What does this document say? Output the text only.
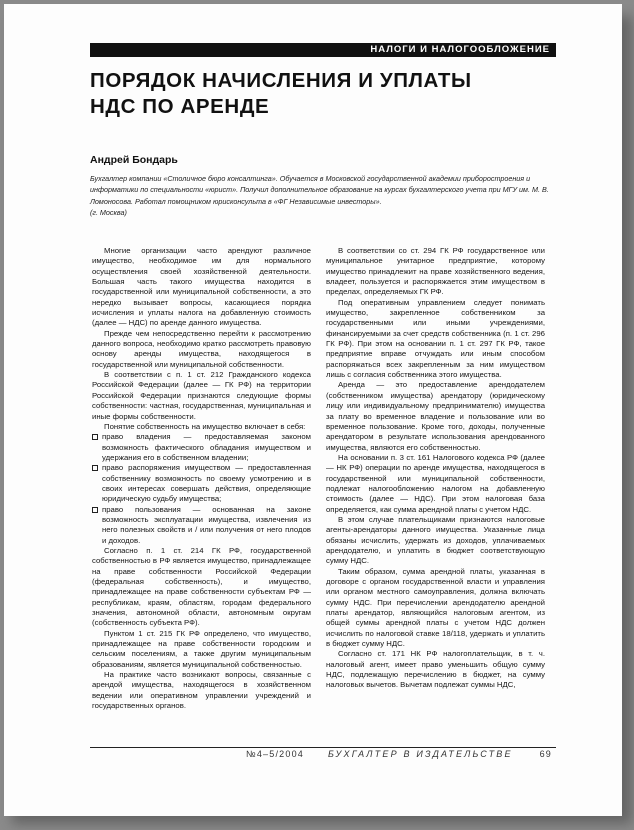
НАЛОГИ И НАЛОГООБЛОЖЕНИЕ
ПОРЯДОК НАЧИСЛЕНИЯ И УПЛАТЫ
НДС ПО АРЕНДЕ
Андрей Бондарь
Бухгалтер компании «Столичное бюро консалтинга». Обучается в Московской государственной академии приборостроения и информатики по специальности «юрист». Получил дополнительное образование на курсах бухгалтерского учета при МГУ им. М. В. Ломоносова. Работал помощником юрисконсульта в «ФГ Независимые инвесторы».
(г. Москва)

Многие организации часто арендуют различное имущество, необходимое им для нормального осуществления своей хозяйственной деятельности. Большая часть такого имущества находится в государственной или муниципальной собственности, а это нередко вызывает вопросы, касающиеся порядка исчисления и уплаты налога на добавленную стоимость (далее — НДС) по аренде данного имущества.

Прежде чем непосредственно перейти к рассмотрению данного вопроса, необходимо кратко рассмотреть правовую основу аренды имущества, находящегося в государственной или муниципальной собственности.

В соответствии с п. 1 ст. 212 Гражданского кодекса Российской Федерации (далее — ГК РФ) на территории Российской Федерации признаются следующие формы собственности: частная, государственная, муниципальная и иные формы собственности.

Понятие собственность на имущество включает в себя:

право владения — предоставляемая законом возможность фактического обладания имуществом и удержания его в собственном владении;
право распоряжения имуществом — предоставленная собственнику возможность по своему усмотрению и в своих интересах совершать действия, определяющие юридическую судьбу имущества;
право пользования — основанная на законе возможность эксплуатации имущества, извлечения из него полезных свойств и / или получения от него плодов и доходов.

Согласно п. 1 ст. 214 ГК РФ, государственной собственностью в РФ является имущество, принадлежащее на праве собственности Российской Федерации (федеральная собственность), и имущество, принадлежащее на праве собственности субъектам РФ — республикам, краям, областям, городам федерального значения, автономной области, автономным округам (собственность субъекта РФ).

Пунктом 1 ст. 215 ГК РФ определено, что имущество, принадлежащее на праве собственности городским и сельским поселениям, а также другим муниципальным образованиям, является муниципальной собственностью.

На практике часто возникают вопросы, связанные с арендой имущества, находящегося в хозяйственном ведении или оперативном управлении учреждений и государственных органов.

В соответствии со ст. 294 ГК РФ государственное или муниципальное унитарное предприятие, которому имущество принадлежит на праве хозяйственного ведения, владеет, пользуется и распоряжается этим имуществом в пределах, определяемых ГК РФ.

Под оперативным управлением следует понимать имущество, закрепленное собственником за государственными или иными учреждениями, финансируемыми за счет средств собственника (п. 1 ст. 296 ГК РФ). При этом на основании п. 1 ст. 297 ГК РФ, такое предприятие вправе отчуждать или иным способом распоряжаться всех закрепленным за ним имуществом лишь с согласия собственника этого имущества.

Аренда — это предоставление арендодателем (собственником имущества) арендатору (юридическому лицу или индивидуальному предпринимателю) имущества за плату во временное владение и пользование или во временное пользование. Кроме того, доходы, полученные арендатором в результате использования арендованного имущества, являются его собственностью.

На основании п. 3 ст. 161 Налогового кодекса РФ (далее — НК РФ) операции по аренде имущества, находящегося в государственной или муниципальной собственности, подлежат налогообложению налогом на добавленную стоимость (далее — НДС). При этом налоговая база определяется, как сумма арендной платы с учетом НДС.

В этом случае плательщиками признаются налоговые агенты-арендаторы данного имущества. Указанные лица обязаны исчислить, удержать из доходов, уплачиваемых арендодателю, и уплатить в бюджет соответствующую сумму НДС.

Таким образом, сумма арендной платы, указанная в договоре с органом государственной власти и управления или органом местного самоуправления, должна включать сумму НДС. При перечислении арендодателю арендной платы арендатор, являющийся налоговым агентом, из общей суммы арендной платы с учетом НДС должен исчислить по налоговой ставке 18/118, удержать и уплатить в бюджет сумму НДС.

Согласно ст. 171 НК РФ налогоплательщик, в т. ч. налоговый агент, имеет право уменьшить общую сумму НДС, подлежащую перечислению в бюджет, на сумму налоговых вычетов. Вычетам подлежат суммы НДС,

№4–5/2004	БУХГАЛТЕР В ИЗДАТЕЛЬСТВЕ	69
